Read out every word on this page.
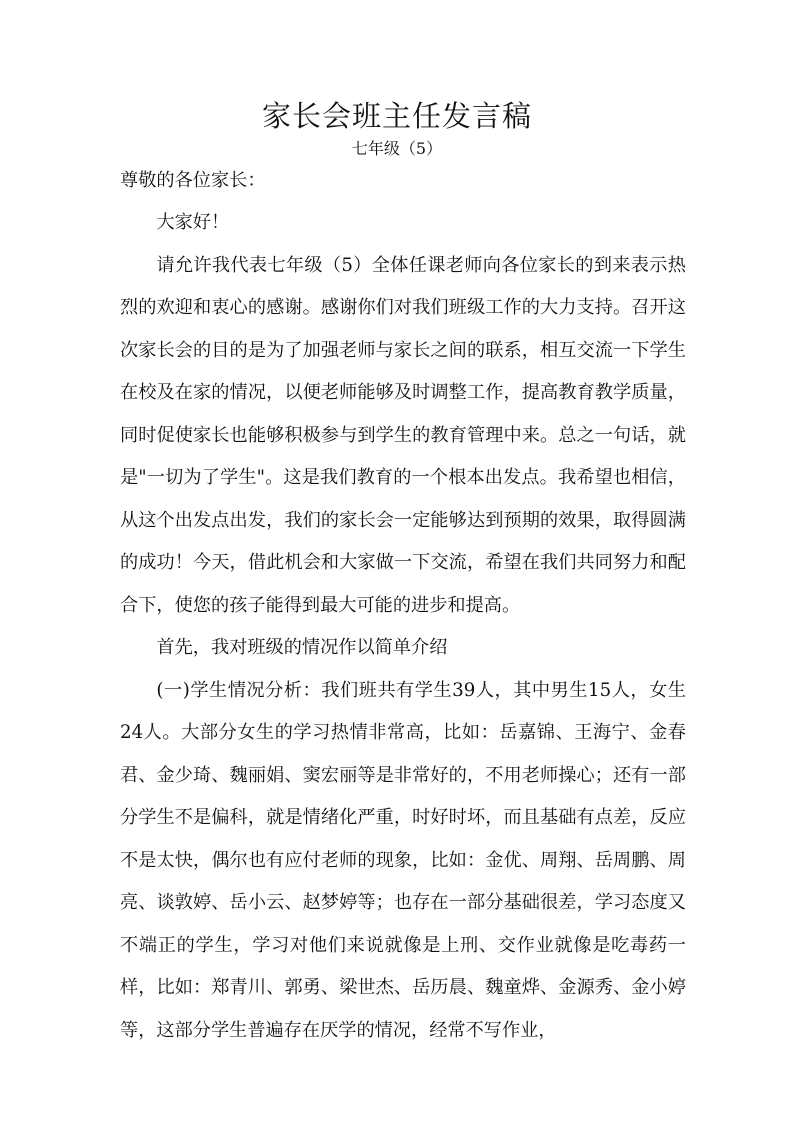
家长会班主任发言稿
七年级（5）

尊敬的各位家长：

大家好！

请允许我代表七年级（5）全体任课老师向各位家长的到来表示热烈的欢迎和衷心的感谢。感谢你们对我们班级工作的大力支持。召开这次家长会的目的是为了加强老师与家长之间的联系，相互交流一下学生在校及在家的情况，以便老师能够及时调整工作，提高教育教学质量，同时促使家长也能够积极参与到学生的教育管理中来。总之一句话，就是"一切为了学生"。这是我们教育的一个根本出发点。我希望也相信，从这个出发点出发，我们的家长会一定能够达到预期的效果，取得圆满的成功！今天，借此机会和大家做一下交流，希望在我们共同努力和配合下，使您的孩子能得到最大可能的进步和提高。

首先，我对班级的情况作以简单介绍

(一)学生情况分析：我们班共有学生39人，其中男生15人，女生24人。大部分女生的学习热情非常高，比如：岳嘉锦、王海宁、金春君、金少琦、魏丽娟、窦宏丽等是非常好的，不用老师操心；还有一部分学生不是偏科，就是情绪化严重，时好时坏，而且基础有点差，反应不是太快，偶尔也有应付老师的现象，比如：金优、周翔、岳周鹏、周亮、谈敦婷、岳小云、赵梦婷等；也存在一部分基础很差，学习态度又不端正的学生，学习对他们来说就像是上刑、交作业就像是吃毒药一样，比如：郑青川、郭勇、梁世杰、岳历晨、魏童烨、金源秀、金小婷等，这部分学生普遍存在厌学的情况，经常不写作业，
